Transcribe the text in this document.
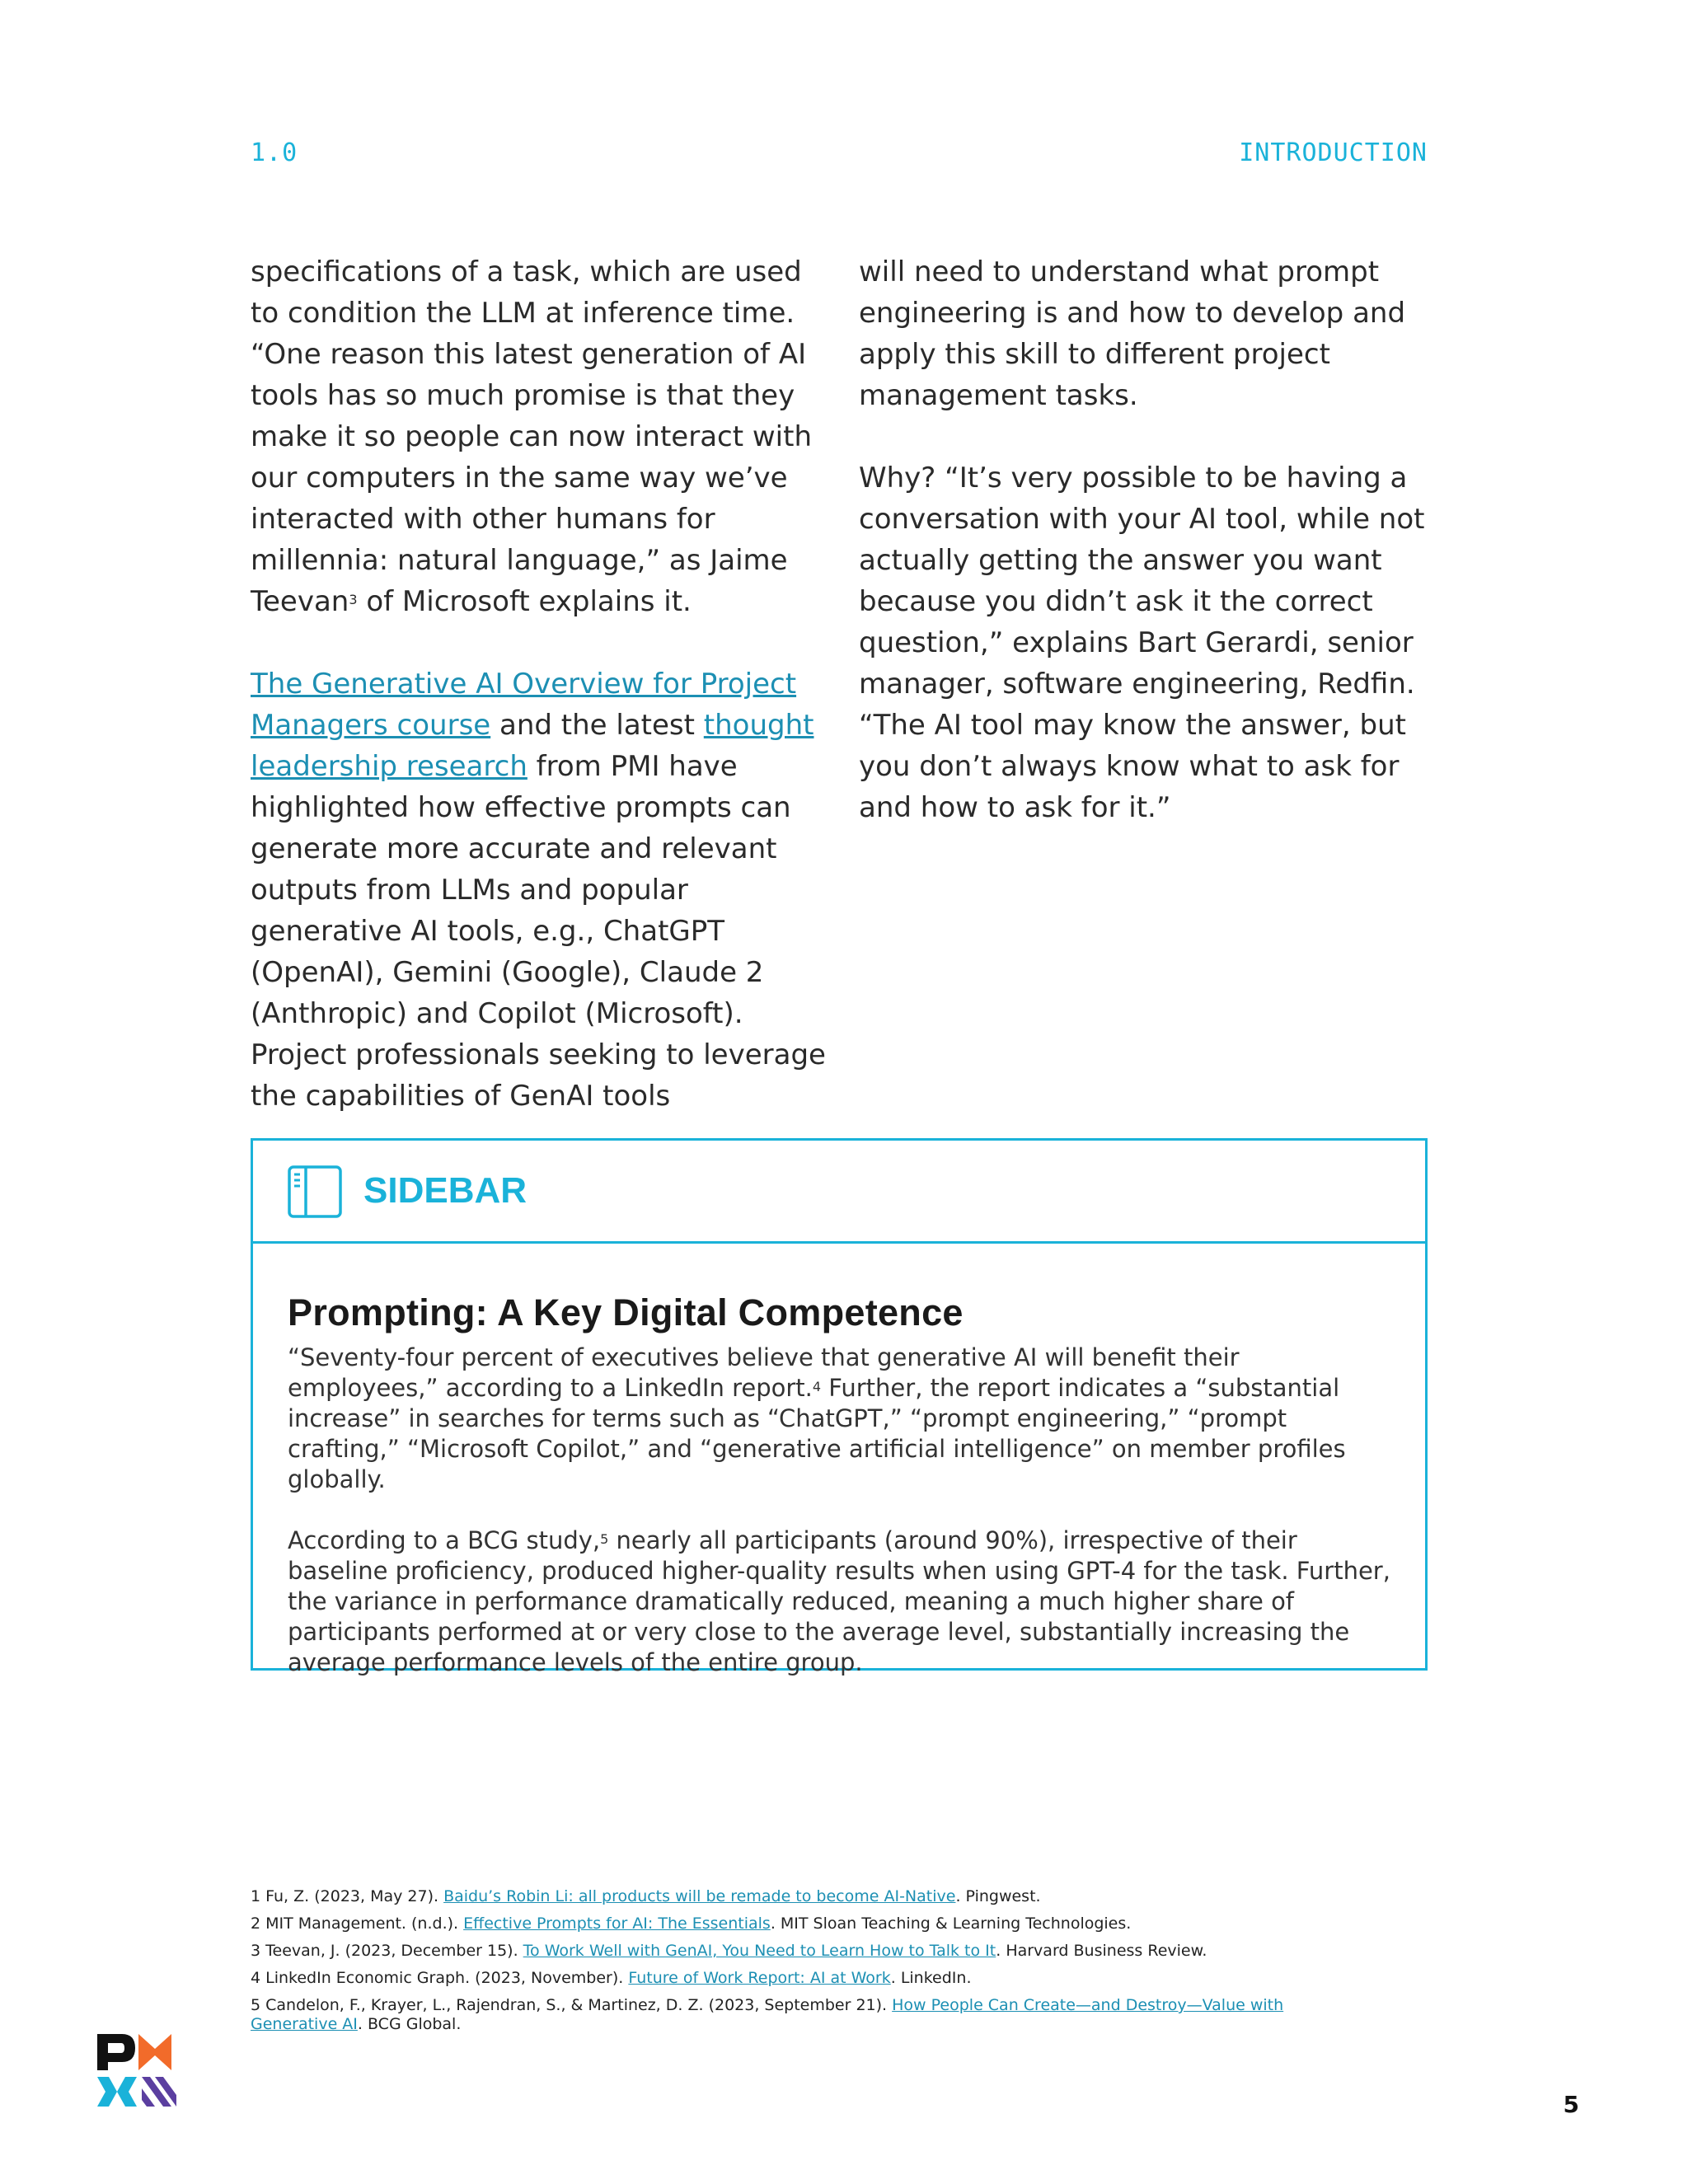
1.0	INTRODUCTION

specifications of a task, which are used to condition the LLM at inference time. “One reason this latest generation of AI tools has so much promise is that they make it so people can now interact with our computers in the same way we’ve interacted with other humans for millennia: natural language,” as Jaime Teevan$^3$ of Microsoft explains it.

The Generative AI Overview for Project Managers course and the latest thought leadership research from PMI have highlighted how effective prompts can generate more accurate and relevant outputs from LLMs and popular generative AI tools, e.g., ChatGPT (OpenAI), Gemini (Google), Claude 2 (Anthropic) and Copilot (Microsoft). Project professionals seeking to leverage the capabilities of GenAI tools

will need to understand what prompt engineering is and how to develop and apply this skill to different project management tasks.

Why? “It’s very possible to be having a conversation with your AI tool, while not actually getting the answer you want because you didn’t ask it the correct question,” explains Bart Gerardi, senior manager, software engineering, Redfin. “The AI tool may know the answer, but you don’t always know what to ask for and how to ask for it.”

SIDEBAR
Prompting: A Key Digital Competence

“Seventy-four percent of executives believe that generative AI will benefit their employees,” according to a LinkedIn report.$^4$ Further, the report indicates a “substantial increase” in searches for terms such as “ChatGPT,” “prompt engineering,” “prompt crafting,” “Microsoft Copilot,” and “generative artificial intelligence” on member profiles globally.

According to a BCG study,$^5$ nearly all participants (around 90%), irrespective of their baseline proficiency, produced higher-quality results when using GPT-4 for the task. Further, the variance in performance dramatically reduced, meaning a much higher share of participants performed at or very close to the average level, substantially increasing the average performance levels of the entire group.

1 Fu, Z. (2023, May 27). Baidu’s Robin Li: all products will be remade to become AI-Native. Pingwest.
2 MIT Management. (n.d.). Effective Prompts for AI: The Essentials. MIT Sloan Teaching & Learning Technologies.
3 Teevan, J. (2023, December 15). To Work Well with GenAI, You Need to Learn How to Talk to It. Harvard Business Review.
4 LinkedIn Economic Graph. (2023, November). Future of Work Report: AI at Work. LinkedIn.
5 Candelon, F., Krayer, L., Rajendran, S., & Martinez, D. Z. (2023, September 21). How People Can Create—and Destroy—Value with Generative AI. BCG Global.
5
